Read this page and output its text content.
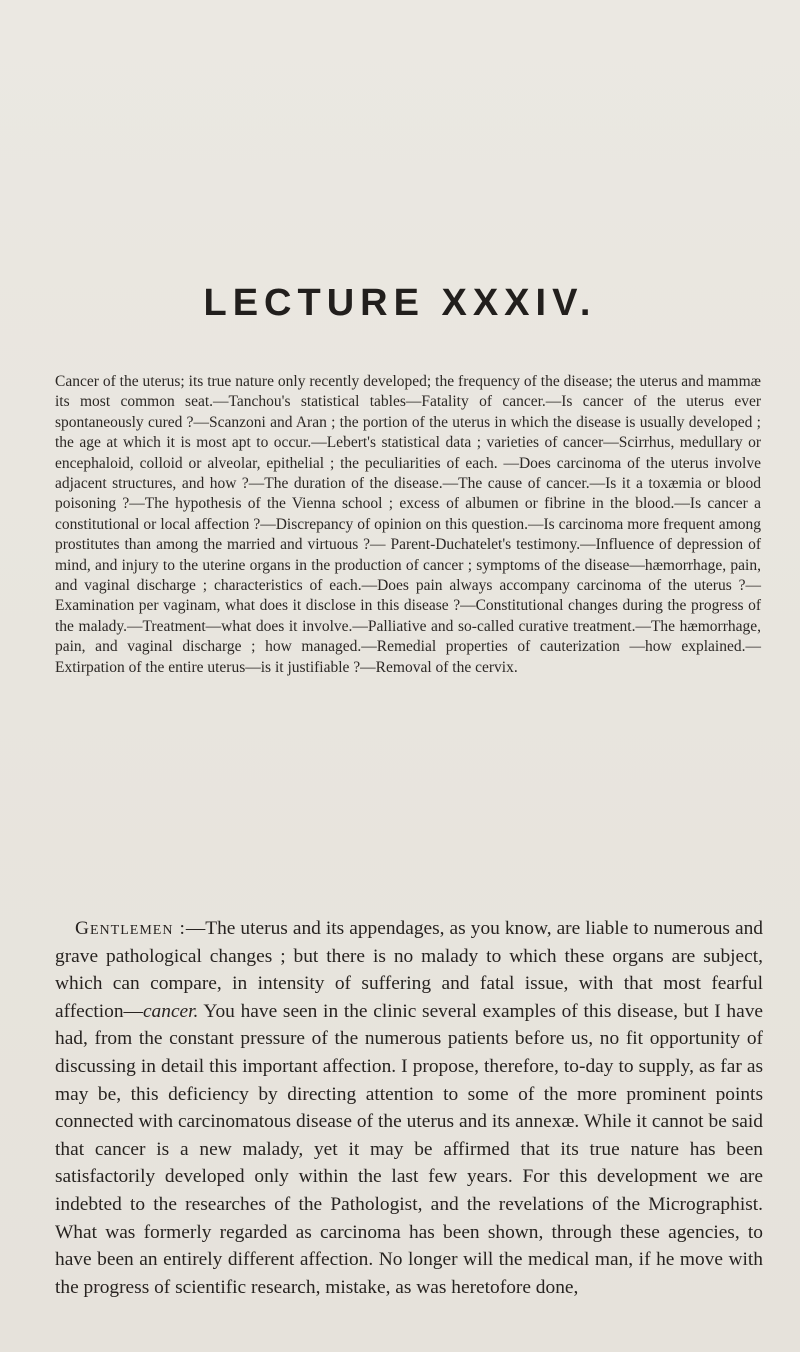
LECTURE XXXIV.

Cancer of the uterus; its true nature only recently developed; the frequency of the disease; the uterus and mammæ its most common seat.—Tanchou's statistical tables—Fatality of cancer.—Is cancer of the uterus ever spontaneously cured ?—Scanzoni and Aran ; the portion of the uterus in which the disease is usually developed ; the age at which it is most apt to occur.—Lebert's statistical data ; varieties of cancer—Scirrhus, medullary or encephaloid, colloid or alveolar, epithelial ; the peculiarities of each. —Does carcinoma of the uterus involve adjacent structures, and how ?—The duration of the disease.—The cause of cancer.—Is it a toxæmia or blood poisoning ?—The hypothesis of the Vienna school ; excess of albumen or fibrine in the blood.—Is cancer a constitutional or local affection ?—Discrepancy of opinion on this question.—Is carcinoma more frequent among prostitutes than among the married and virtuous ?— Parent-Duchatelet's testimony.—Influence of depression of mind, and injury to the uterine organs in the production of cancer ; symptoms of the disease—hæmorrhage, pain, and vaginal discharge ; characteristics of each.—Does pain always accompany carcinoma of the uterus ?—Examination per vaginam, what does it disclose in this disease ?—Constitutional changes during the progress of the malady.—Treatment—what does it involve.—Palliative and so-called curative treatment.—The hæmorrhage, pain, and vaginal discharge ; how managed.—Remedial properties of cauterization —how explained.—Extirpation of the entire uterus—is it justifiable ?—Removal of the cervix.

Gentlemen :—The uterus and its appendages, as you know, are liable to numerous and grave pathological changes ; but there is no malady to which these organs are subject, which can compare, in intensity of suffering and fatal issue, with that most fearful affection—cancer. You have seen in the clinic several examples of this disease, but I have had, from the constant pressure of the numerous patients before us, no fit opportunity of discussing in detail this important affection. I propose, therefore, to-day to supply, as far as may be, this deficiency by directing attention to some of the more prominent points connected with carcinomatous disease of the uterus and its annexæ. While it cannot be said that cancer is a new malady, yet it may be affirmed that its true nature has been satisfactorily developed only within the last few years. For this development we are indebted to the researches of the Pathologist, and the revelations of the Micrographist. What was formerly regarded as carcinoma has been shown, through these agencies, to have been an entirely different affection. No longer will the medical man, if he move with the progress of scientific research, mistake, as was heretofore done,
